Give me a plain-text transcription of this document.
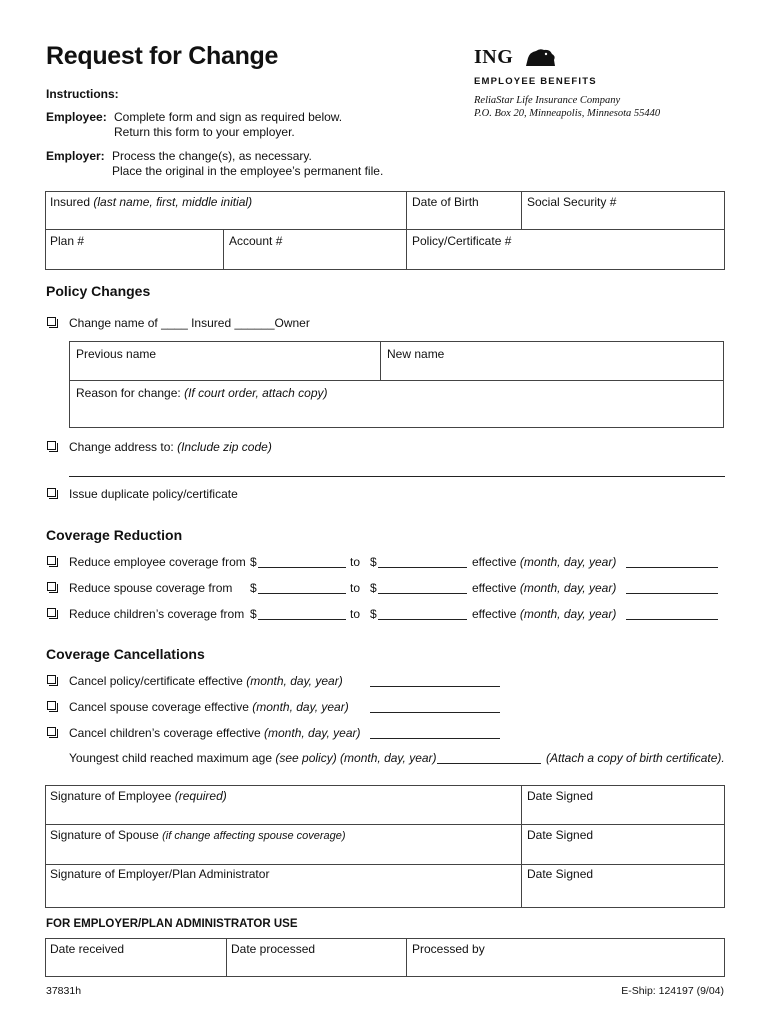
Request for Change	ING
EMPLOYEE BENEFITS
ReliaStar Life Insurance Company
P.O. Box 20, Minneapolis, Minnesota 55440
Instructions:
Employee: Complete form and sign as required below.
Return this form to your employer.
Employer: Process the change(s), as necessary.
Place the original in the employee’s permanent file.
Insured (last name, first, middle initial)	Date of Birth	Social Security #
Plan #	Account #	Policy/Certificate #
Policy Changes
Change name of ____ Insured ______Owner
Previous name	New name
Reason for change: (If court order, attach copy)
Change address to: (Include zip code)
Issue duplicate policy/certificate
Coverage Reduction
Reduce employee coverage from $	to $	effective (month, day, year)
Reduce spouse coverage from $	to $	effective (month, day, year)
Reduce children’s coverage from $	to $	effective (month, day, year)
Coverage Cancellations
Cancel policy/certificate effective (month, day, year)
Cancel spouse coverage effective (month, day, year)
Cancel children’s coverage effective (month, day, year)
Youngest child reached maximum age (see policy) (month, day, year)	(Attach a copy of birth certificate).
Signature of Employee (required)	Date Signed
Signature of Spouse (if change affecting spouse coverage)	Date Signed
Signature of Employer/Plan Administrator	Date Signed
FOR EMPLOYER/PLAN ADMINISTRATOR USE
Date received	Date processed	Processed by
37831h	E-Ship: 124197 (9/04)
